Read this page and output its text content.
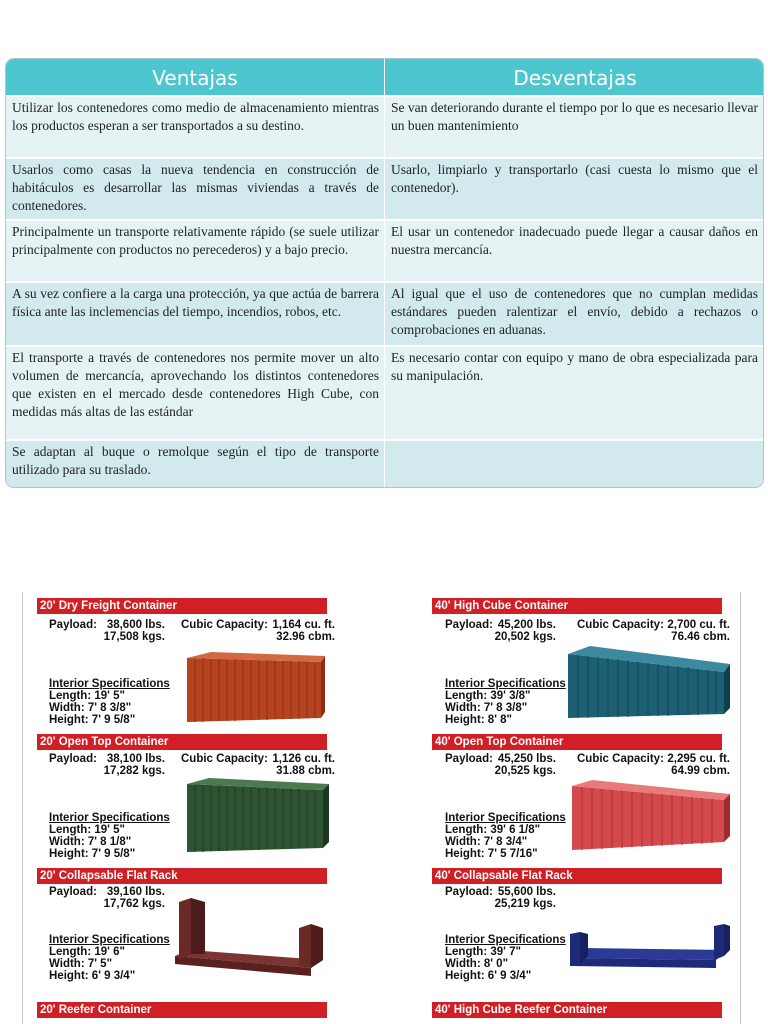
Ventajas	Desventajas
Utilizar los contenedores como medio de almacenamiento mientras los productos esperan a ser transportados a su destino.
Se van deteriorando durante el tiempo por lo que es necesario llevar un buen mantenimiento
Usarlos como casas la nueva tendencia en construcción de habitáculos es desarrollar las mismas viviendas a través de contenedores.
Usarlo, limpiarlo y transportarlo (casi cuesta lo mismo que el contenedor).
Principalmente un transporte relativamente rápido (se suele utilizar principalmente con productos no perecederos) y a bajo precio.
El usar un contenedor inadecuado puede llegar a causar daños en nuestra mercancía.
A su vez confiere a la carga una protección, ya que actúa de barrera física ante las inclemencias del tiempo, incendios, robos, etc.
Al igual que el uso de contenedores que no cumplan medidas estándares pueden ralentizar el envío, debido a rechazos o comprobaciones en aduanas.
El transporte a través de contenedores nos permite mover un alto volumen de mercancía, aprovechando los distintos contenedores que existen en el mercado desde contenedores High Cube, con medidas más altas de las estándar
Es necesario contar con equipo y mano de obra especializada para su manipulación.
Se adaptan al buque o remolque según el tipo de transporte utilizado para su traslado.
20' Dry Freight Container
Payload: 38,600 lbs.
17,508 kgs.
Cubic Capacity: 1,164 cu. ft.
32.96 cbm.
Interior Specifications
Length: 19' 5"
Width: 7' 8 3/8"
Height: 7' 9 5/8"
20' Open Top Container
Payload: 38,100 lbs.
17,282 kgs.
Cubic Capacity: 1,126 cu. ft.
31.88 cbm.
Interior Specifications
Length: 19' 5"
Width: 7' 8 1/8"
Height: 7' 9 5/8"
20' Collapsable Flat Rack
Payload: 39,160 lbs.
17,762 kgs.
Interior Specifications
Length: 19' 6"
Width: 7' 5"
Height: 6' 9 3/4"
20' Reefer Container
40' High Cube Container
Payload: 45,200 lbs.
20,502 kgs.
Cubic Capacity: 2,700 cu. ft.
76.46 cbm.
Interior Specifications
Length: 39' 3/8"
Width: 7' 8 3/8"
Height: 8' 8"
40' Open Top Container
Payload: 45,250 lbs.
20,525 kgs.
Cubic Capacity: 2,295 cu. ft.
64.99 cbm.
Interior Specifications
Length: 39' 6 1/8"
Width: 7' 8 3/4"
Height: 7' 5 7/16"
40' Collapsable Flat Rack
Payload: 55,600 lbs.
25,219 kgs.
Interior Specifications
Length: 39' 7"
Width: 8' 0"
Height: 6' 9 3/4"
40' High Cube Reefer Container
